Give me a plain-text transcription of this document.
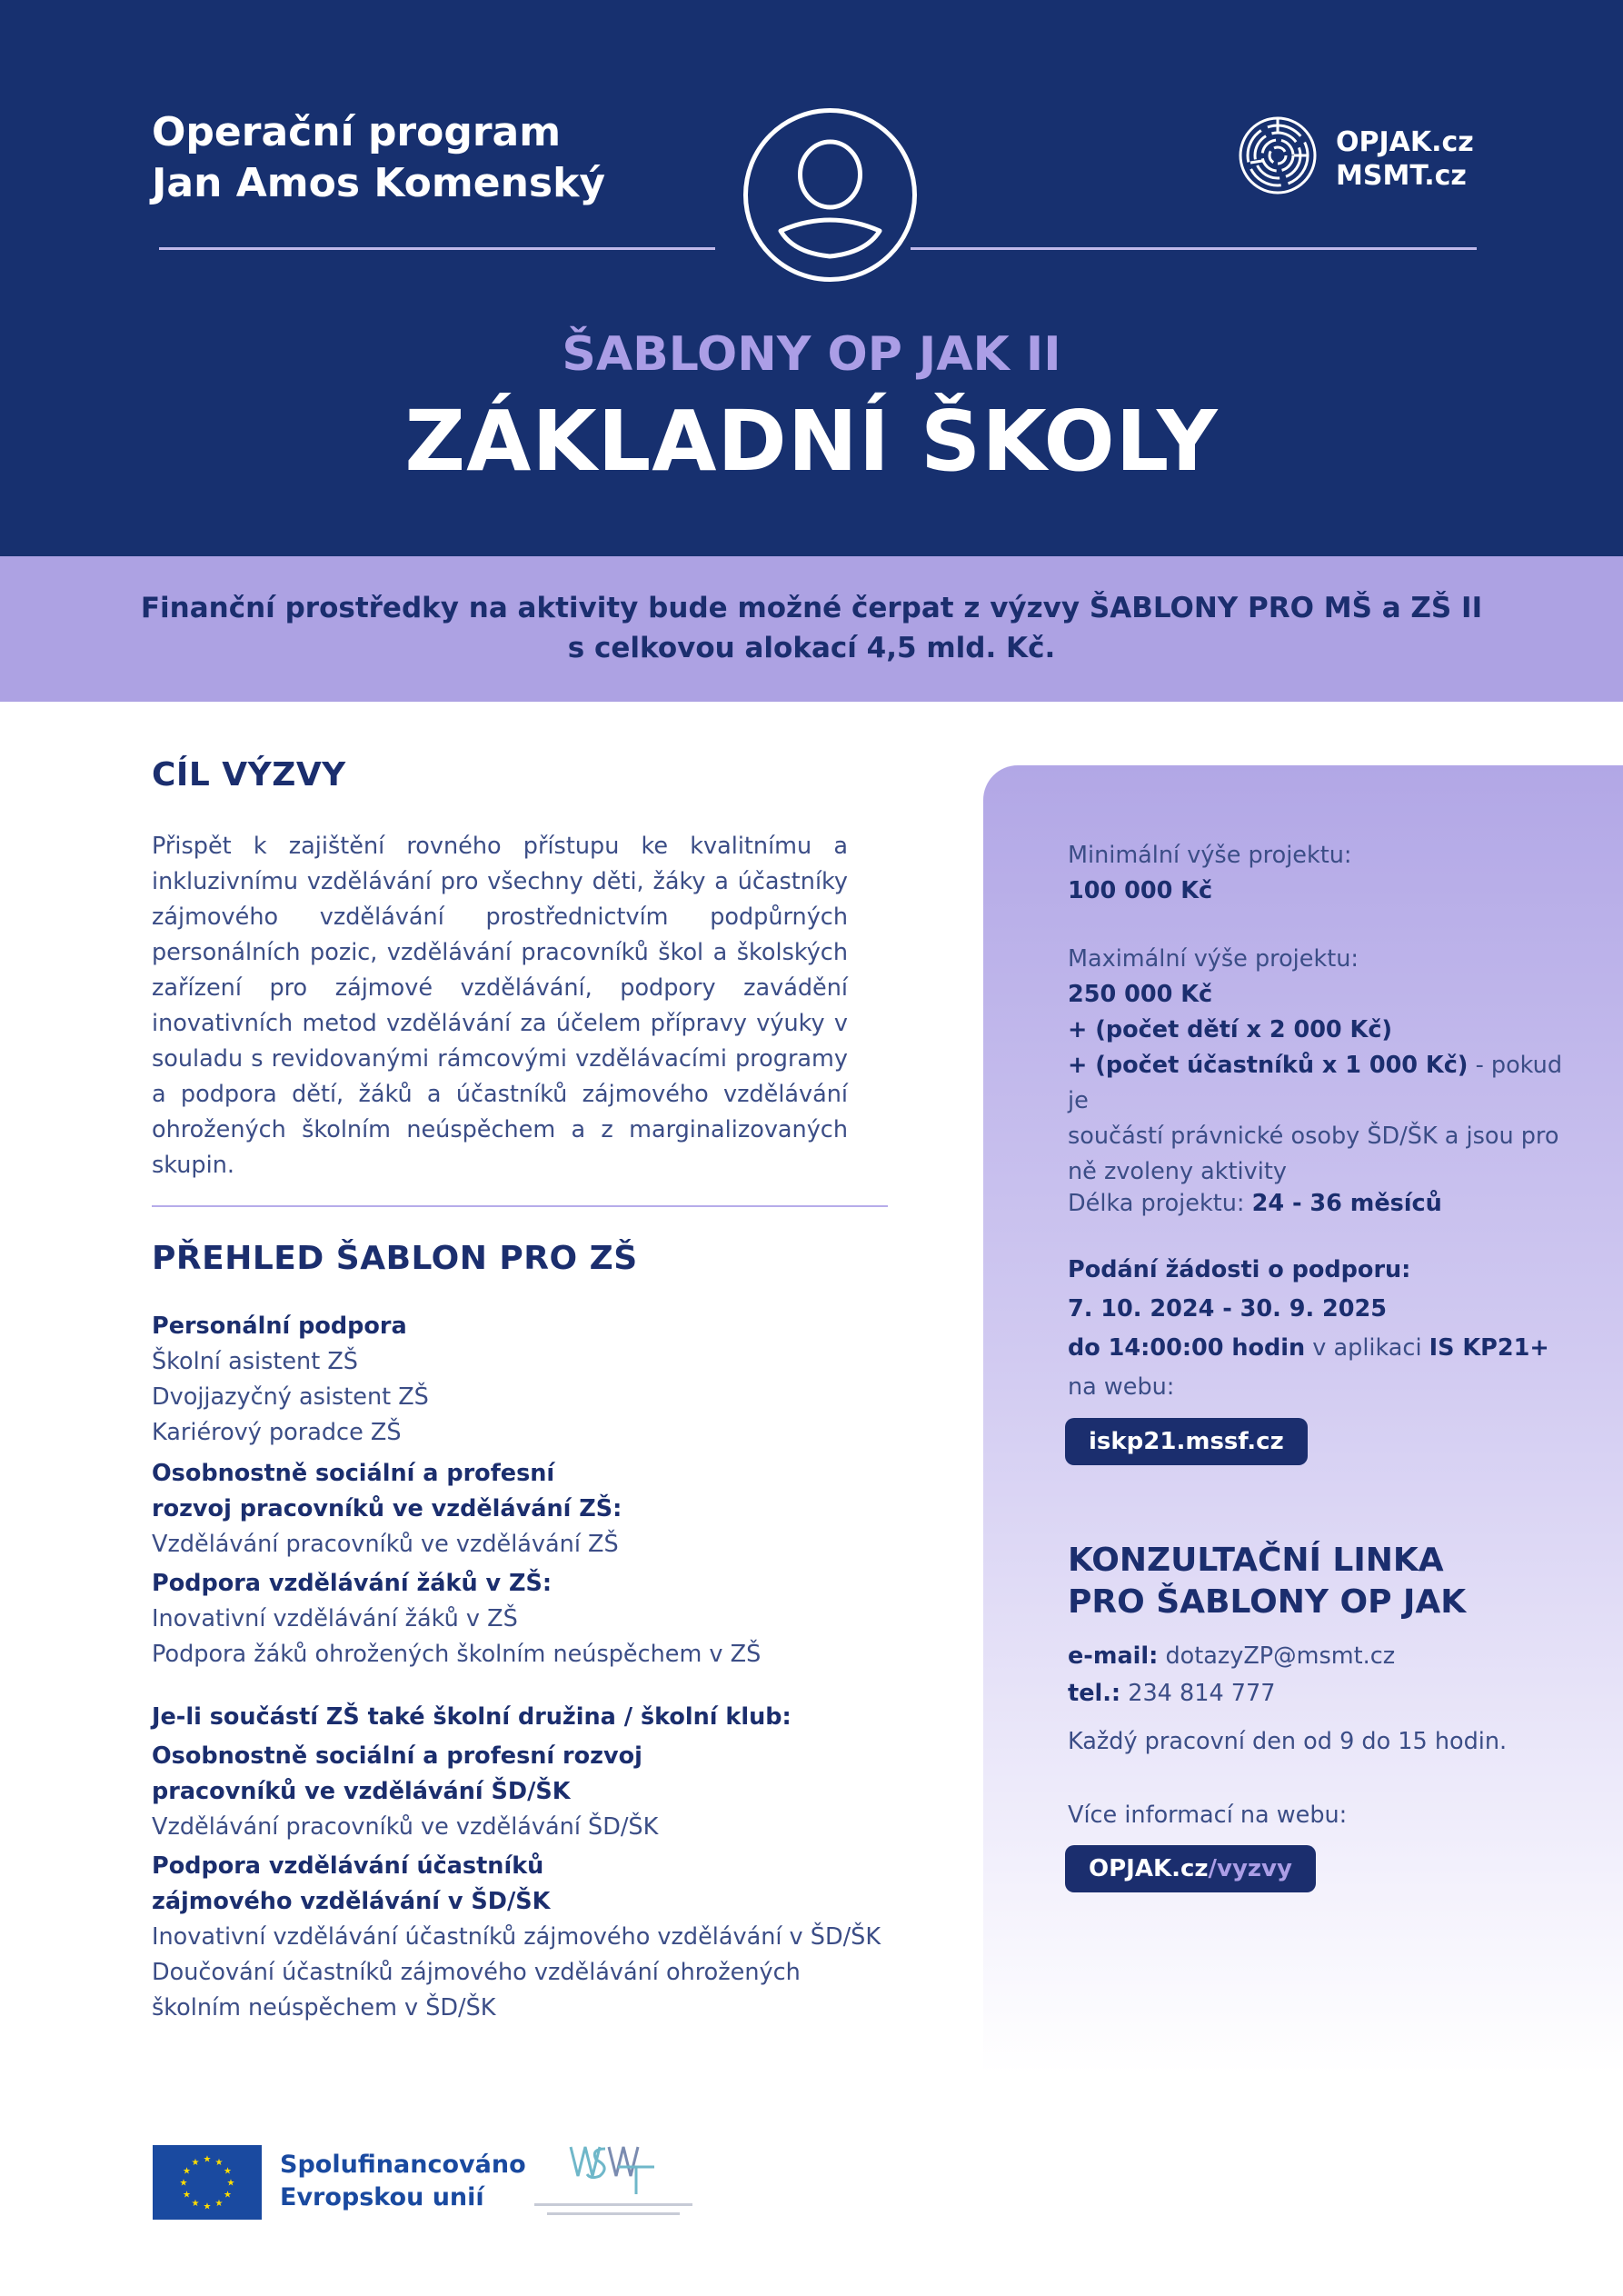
Operační program
Jan Amos Komenský
OPJAK.cz
MSMT.cz
ŠABLONY OP JAK II
ZÁKLADNÍ ŠKOLY
Finanční prostředky na aktivity bude možné čerpat z výzvy ŠABLONY PRO MŠ a ZŠ II
s celkovou alokací 4,5 mld. Kč.
CÍL VÝZVY
Přispět k zajištění rovného přístupu ke kvalitnímu a inkluzivnímu vzdělávání pro všechny děti, žáky a účastníky zájmového vzdělávání prostřednictvím podpůrných personálních pozic, vzdělávání pracovníků škol a školských zařízení pro zájmové vzdělávání, podpory zavádění inovativních metod vzdělávání za účelem přípravy výuky v souladu s revidovanými rámcovými vzdělávacími programy a podpora dětí, žáků a účastníků zájmového vzdělávání ohrožených školním neúspěchem a z marginalizovaných skupin.
PŘEHLED ŠABLON PRO ZŠ
Personální podpora
Školní asistent ZŠ
Dvojjazyčný asistent ZŠ
Kariérový poradce ZŠ
Osobnostně sociální a profesní
rozvoj pracovníků ve vzdělávání ZŠ:
Vzdělávání pracovníků ve vzdělávání ZŠ
Podpora vzdělávání žáků v ZŠ:
Inovativní vzdělávání žáků v ZŠ
Podpora žáků ohrožených školním neúspěchem v ZŠ
Je-li součástí ZŠ také školní družina / školní klub:
Osobnostně sociální a profesní rozvoj
pracovníků ve vzdělávání ŠD/ŠK
Vzdělávání pracovníků ve vzdělávání ŠD/ŠK
Podpora vzdělávání účastníků
zájmového vzdělávání v ŠD/ŠK
Inovativní vzdělávání účastníků zájmového vzdělávání v ŠD/ŠK
Doučování účastníků zájmového vzdělávání ohrožených
školním neúspěchem v ŠD/ŠK
Minimální výše projektu:
100 000 Kč
Maximální výše projektu:
250 000 Kč
+ (počet dětí x 2 000 Kč)
+ (počet účastníků x 1 000 Kč) - pokud je
součástí právnické osoby ŠD/ŠK a jsou pro
ně zvoleny aktivity
Délka projektu: 24 - 36 měsíců
Podání žádosti o podporu:
7. 10. 2024 - 30. 9. 2025
do 14:00:00 hodin v aplikaci IS KP21+
na webu:
iskp21.mssf.cz
KONZULTAČNÍ LINKA
PRO ŠABLONY OP JAK
e-mail: dotazyZP@msmt.cz
tel.: 234 814 777
Každý pracovní den od 9 do 15 hodin.
Více informací na webu:
OPJAK.cz/vyzvy
★ ★
★
★
★
★
★
★
★
★
★
★	Spolufinancováno
Evropskou unií
